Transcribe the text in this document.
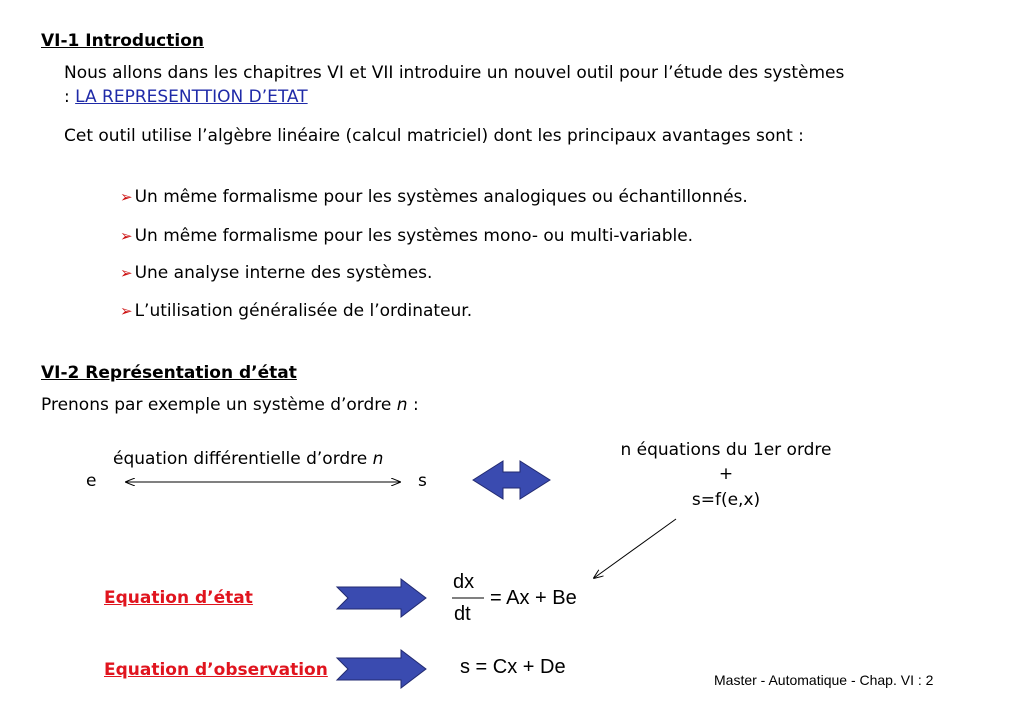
VI-1 Introduction
Nous allons dans les chapitres VI et VII introduire un nouvel outil pour l’étude des systèmes
: LA REPRESENTTION D’ETAT
Cet outil utilise l’algèbre linéaire (calcul matriciel) dont les principaux avantages sont :
➢ Un même formalisme pour les systèmes analogiques ou échantillonnés.
➢ Un même formalisme pour les systèmes mono- ou multi-variable.
➢ Une analyse interne des systèmes.
➢ L’utilisation généralisée de l’ordinateur.
VI-2 Représentation d’état
Prenons par exemple un système d’ordre n :
équation différentielle d’ordre n
e	s
n équations du 1er ordre
+
s=f(e,x)
Equation d’état
Equation d’observation
dx
dt
= Ax + Be
s = Cx + De
Master - Automatique - Chap. VI : 2
